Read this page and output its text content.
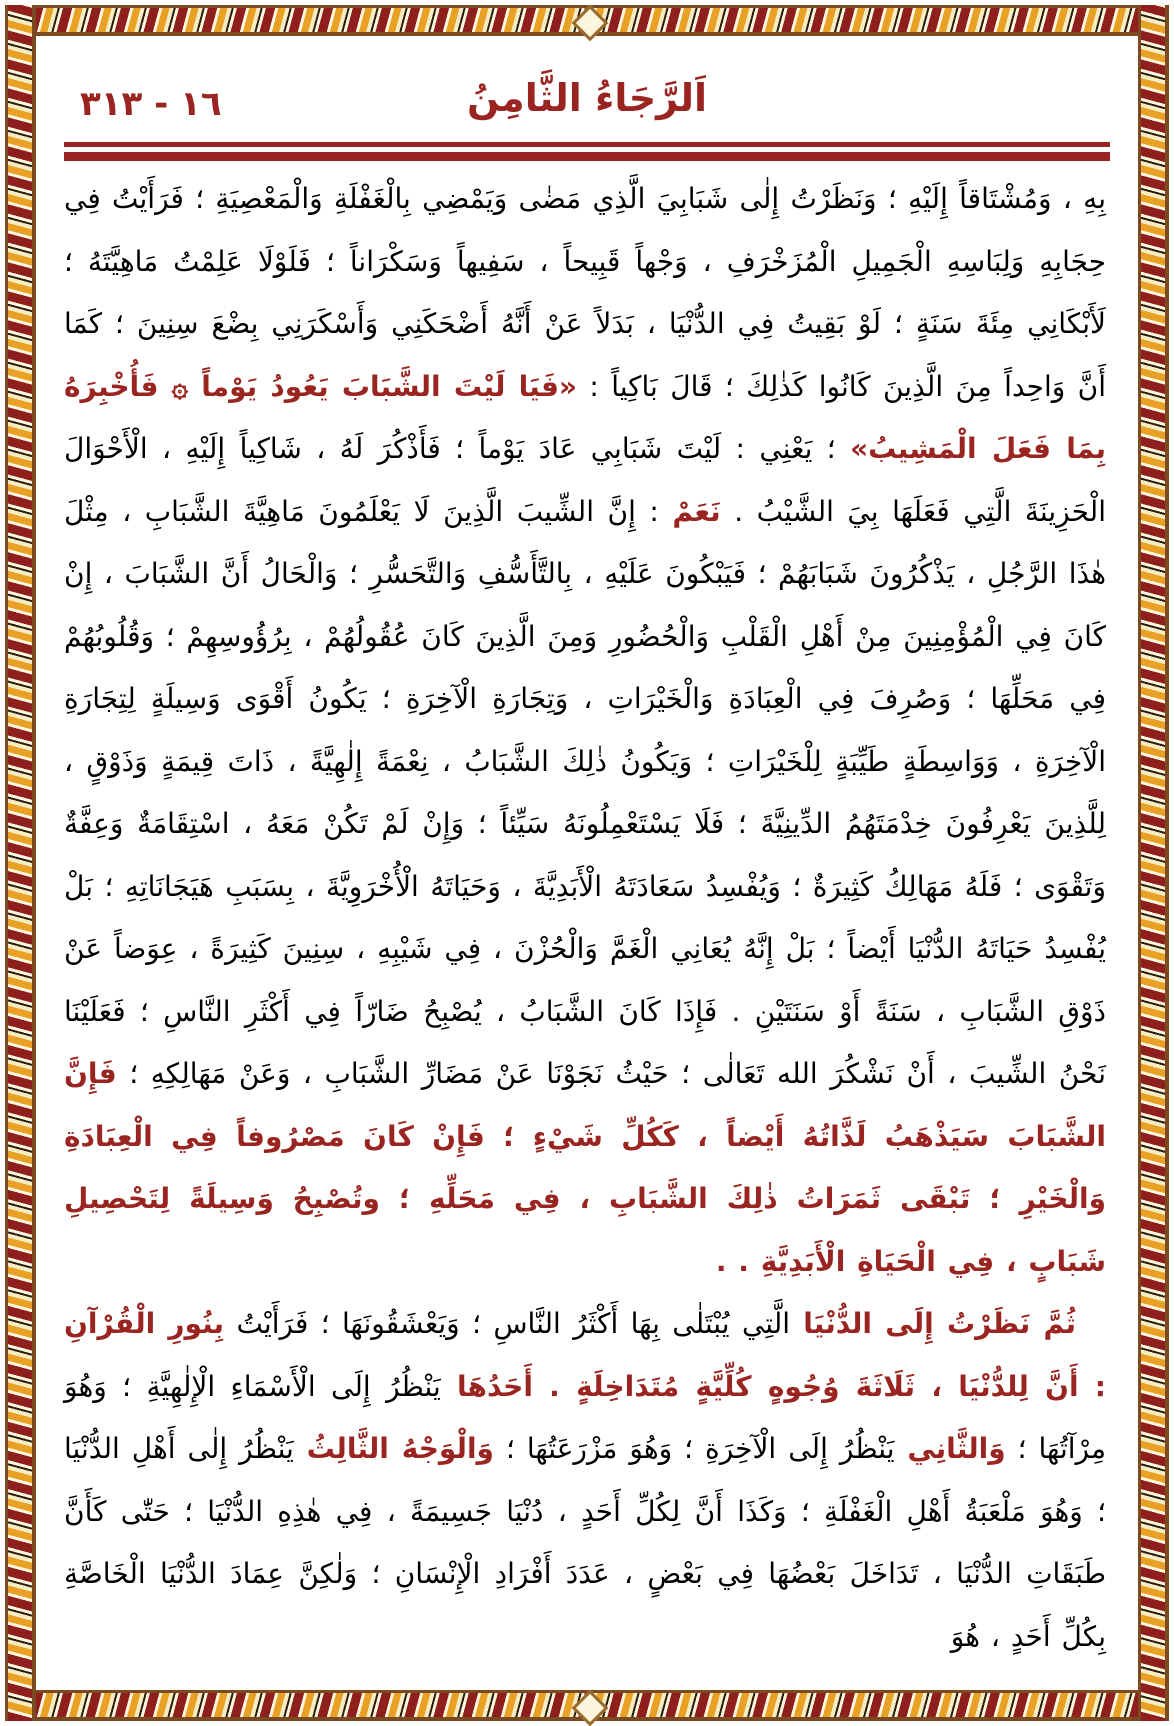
١٦ - ٣١٣	اَلرَّجَاءُ الثَّامِنُ

بِهِ ، وَمُشْتَاقاً إِلَيْهِ ؛ وَنَظَرْتُ إِلٰى شَبَابِيَ الَّذِي مَضٰى وَيَمْضِي بِالْغَفْلَةِ وَالْمَعْصِيَةِ ؛ فَرَأَيْتُ فِي حِجَابِهِ وَلِبَاسِهِ الْجَمِيلِ الْمُزَخْرَفِ ، وَجْهاً قَبِيحاً ، سَفِيهاً وَسَكْرَاناً ؛ فَلَوْلَا عَلِمْتُ مَاهِيَّتَهُ ؛ لَأَبْكَانِي مِئَةَ سَنَةٍ ؛ لَوْ بَقِيتُ فِي الدُّنْيَا ، بَدَلاً عَنْ أَنَّهُ أَضْحَكَنِي وَأَسْكَرَنِي بِضْعَ سِنِينَ ؛ كَمَا أَنَّ وَاحِداً مِنَ الَّذِينَ كَانُوا كَذٰلِكَ ؛ قَالَ بَاكِياً : «فَيَا لَيْتَ الشَّبَابَ يَعُودُ يَوْماً ۞ فَأُخْبِرَهُ بِمَا فَعَلَ الْمَشِيبُ» ؛ يَعْنِي : لَيْتَ شَبَابِي عَادَ يَوْماً ؛ فَأَذْكُرَ لَهُ ، شَاكِياً إِلَيْهِ ، الْأَحْوَالَ الْحَزِينَةَ الَّتِي فَعَلَهَا بِيَ الشَّيْبُ . نَعَمْ : إِنَّ الشِّيبَ الَّذِينَ لَا يَعْلَمُونَ مَاهِيَّةَ الشَّبَابِ ، مِثْلَ هٰذَا الرَّجُلِ ، يَذْكُرُونَ شَبَابَهُمْ ؛ فَيَبْكُونَ عَلَيْهِ ، بِالتَّأَسُّفِ وَالتَّحَسُّرِ ؛ وَالْحَالُ أَنَّ الشَّبَابَ ، إِنْ كَانَ فِي الْمُؤْمِنِينَ مِنْ أَهْلِ الْقَلْبِ وَالْحُضُورِ وَمِنَ الَّذِينَ كَانَ عُقُولُهُمْ ، بِرُؤُوسِهِمْ ؛ وَقُلُوبُهُمْ فِي مَحَلِّهَا ؛ وَصُرِفَ فِي الْعِبَادَةِ وَالْخَيْرَاتِ ، وَتِجَارَةِ الْآخِرَةِ ؛ يَكُونُ أَقْوَى وَسِيلَةٍ لِتِجَارَةِ الْآخِرَةِ ، وَوَاسِطَةٍ طَيِّبَةٍ لِلْخَيْرَاتِ ؛ وَيَكُونُ ذٰلِكَ الشَّبَابُ ، نِعْمَةً إِلٰهِيَّةً ، ذَاتَ قِيمَةٍ وَذَوْقٍ ، لِلَّذِينَ يَعْرِفُونَ خِدْمَتَهُمُ الدِّينِيَّةَ ؛ فَلَا يَسْتَعْمِلُونَهُ سَيِّئاً ؛ وَإِنْ لَمْ تَكُنْ مَعَهُ ، اسْتِقَامَةٌ وَعِفَّةٌ وَتَقْوَى ؛ فَلَهُ مَهَالِكُ كَثِيرَةٌ ؛ وَيُفْسِدُ سَعَادَتَهُ الْأَبَدِيَّةَ ، وَحَيَاتَهُ الْأُخْرَوِيَّةَ ، بِسَبَبِ هَيَجَانَاتِهِ ؛ بَلْ يُفْسِدُ حَيَاتَهُ الدُّنْيَا أَيْضاً ؛ بَلْ إِنَّهُ يُعَانِي الْغَمَّ وَالْحُزْنَ ، فِي شَيْبِهِ ، سِنِينَ كَثِيرَةً ، عِوَضاً عَنْ ذَوْقِ الشَّبَابِ ، سَنَةً أَوْ سَنَتَيْنِ . فَإِذَا كَانَ الشَّبَابُ ، يُصْبِحُ ضَارّاً فِي أَكْثَرِ النَّاسِ ؛ فَعَلَيْنَا نَحْنُ الشِّيبَ ، أَنْ نَشْكُرَ الله تَعَالٰى ؛ حَيْثُ نَجَوْنَا عَنْ مَضَارِّ الشَّبَابِ ، وَعَنْ مَهَالِكِهِ ؛ فَإِنَّ الشَّبَابَ سَيَذْهَبُ لَذَّاتُهُ أَيْضاً ، كَكُلِّ شَيْءٍ ؛ فَإِنْ كَانَ مَصْرُوفاً فِي الْعِبَادَةِ وَالْخَيْرِ ؛ تَبْقَى ثَمَرَاتُ ذٰلِكَ الشَّبَابِ ، فِي مَحَلِّهِ ؛ وتُصْبِحُ وَسِيلَةً لِتَحْصِيلِ شَبَابٍ ، فِي الْحَيَاةِ الْأَبَدِيَّةِ . .

ثُمَّ نَظَرْتُ إِلَى الدُّنْيَا الَّتِي يُبْتَلٰى بِهَا أَكْثَرُ النَّاسِ ؛ وَيَعْشَقُونَهَا ؛ فَرَأَيْتُ بِنُورِ الْقُرْآنِ : أَنَّ لِلدُّنْيَا ، ثَلَاثَةَ وُجُوهٍ كُلِّيَّةٍ مُتَدَاخِلَةٍ . أَحَدُهَا يَنْظُرُ إِلَى الْأَسْمَاءِ الْإِلٰهِيَّةِ ؛ وَهُوَ مِرْآتُهَا ؛ وَالثَّانِي يَنْظُرُ إِلَى الْآخِرَةِ ؛ وَهُوَ مَزْرَعَتُهَا ؛ وَالْوَجْهُ الثَّالِثُ يَنْظُرُ إِلٰى أَهْلِ الدُّنْيَا ؛ وَهُوَ مَلْعَبَةُ أَهْلِ الْغَفْلَةِ ؛ وَكَذَا أَنَّ لِكُلِّ أَحَدٍ ، دُنْيَا جَسِيمَةً ، فِي هٰذِهِ الدُّنْيَا ؛ حَتّٰى كَأَنَّ طَبَقَاتِ الدُّنْيَا ، تَدَاخَلَ بَعْضُهَا فِي بَعْضٍ ، عَدَدَ أَفْرَادِ الْإِنْسَانِ ؛ وَلٰكِنَّ عِمَادَ الدُّنْيَا الْخَاصَّةِ بِكُلِّ أَحَدٍ ، هُوَ
